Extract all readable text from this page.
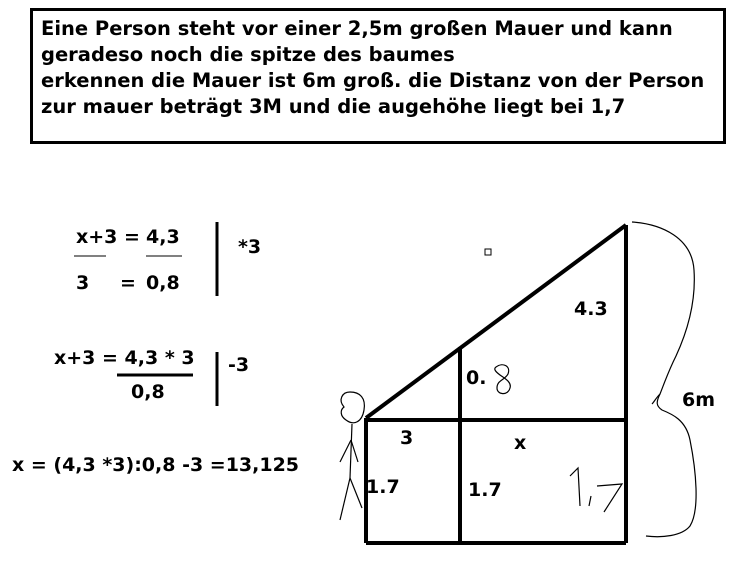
Eine Person steht vor einer 2,5m großen Mauer und kann
geradeso noch die spitze des baumes
erkennen die Mauer ist 6m groß. die Distanz von der Person
zur mauer beträgt 3M und die augehöhe liegt bei 1,7
x+3 = 4,3
3 = 0,8
*3
x+3 = 4,3 * 3
0,8
-3
x = (4,3 *3):0,8 -3 =13,125
4.3
0.
3	x
1.7	1.7
6m
